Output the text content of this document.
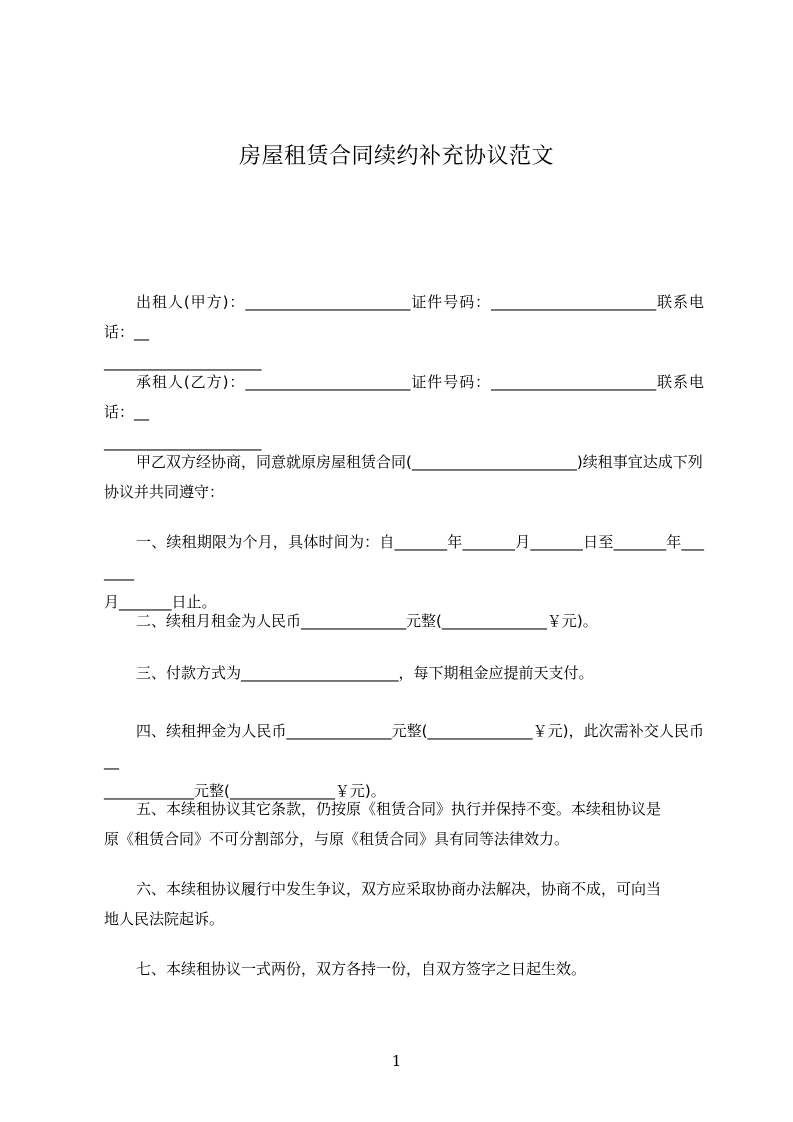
房屋租赁合同续约补充协议范文
出租人(甲方)：______________________证件号码：______________________联系电话：__
_____________________
承租人(乙方)：______________________证件号码：______________________联系电话：__
_____________________
甲乙双方经协商，同意就原房屋租赁合同(______________________)续租事宜达成下列
协议并共同遵守：
一、续租期限为个月，具体时间为：自_______年_______月_______日至_______年_______
月_______日止。
二、续租月租金为人民币______________元整(______________￥元)。
三、付款方式为_____________________，每下期租金应提前天支付。
四、续租押金为人民币______________元整(______________￥元)，此次需补交人民币__
____________元整(______________￥元)。
五、本续租协议其它条款，仍按原《租赁合同》执行并保持不变。本续租协议是
原《租赁合同》不可分割部分，与原《租赁合同》具有同等法律效力。
六、本续租协议履行中发生争议，双方应采取协商办法解决，协商不成，可向当
地人民法院起诉。
七、本续租协议一式两份，双方各持一份，自双方签字之日起生效。
1
